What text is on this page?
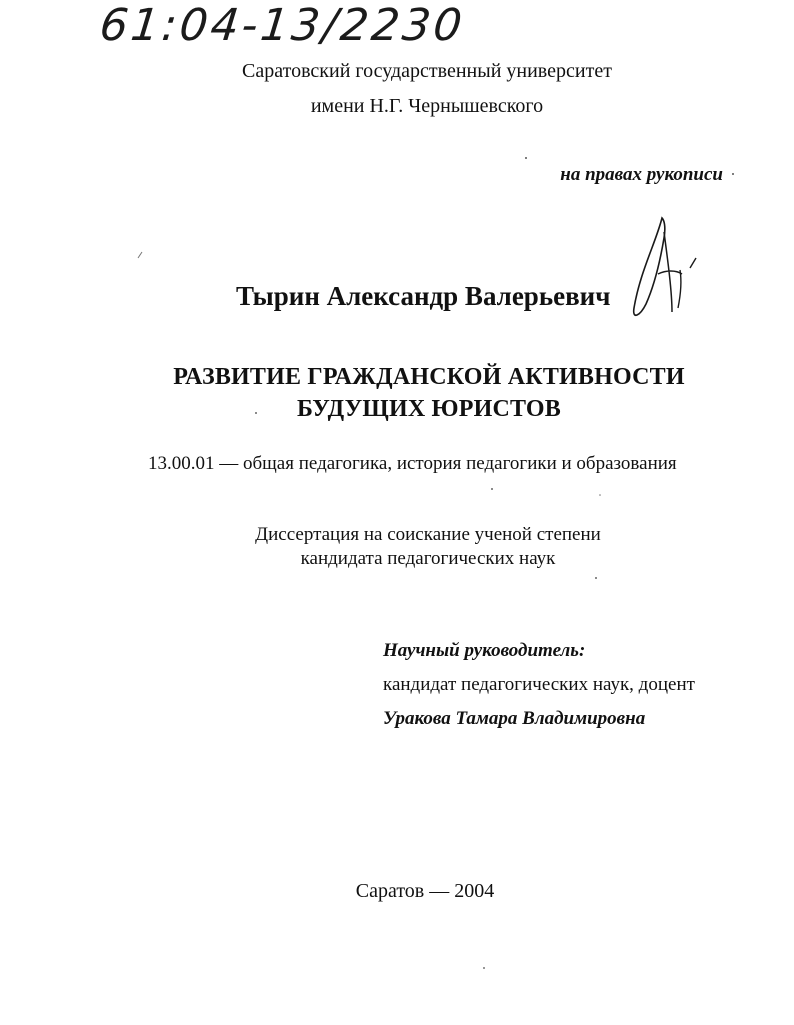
61:04-13/2230
Саратовский государственный университет
имени Н.Г. Чернышевского
на правах рукописи
Тырин Александр Валерьевич
РАЗВИТИЕ ГРАЖДАНСКОЙ АКТИВНОСТИ
БУДУЩИХ ЮРИСТОВ
13.00.01 — общая педагогика, история педагогики и образования
Диссертация на соискание ученой степени
кандидата педагогических наук
Научный руководитель:
кандидат педагогических наук, доцент
Уракова Тамара Владимировна
Саратов — 2004
